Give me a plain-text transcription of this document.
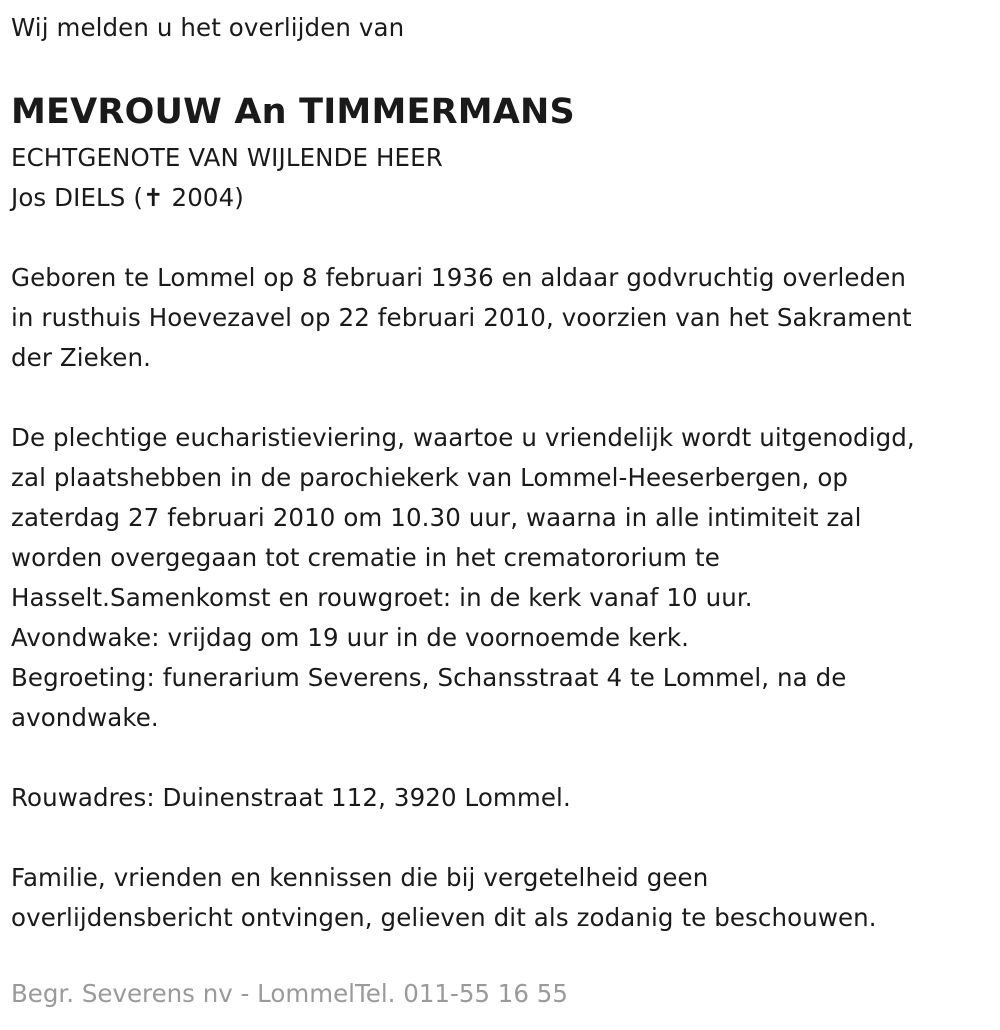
Wij melden u het overlijden van
MEVROUW An TIMMERMANS
ECHTGENOTE VAN WIJLENDE HEER
Jos DIELS (✝ 2004)
Geboren te Lommel op 8 februari 1936 en aldaar godvruchtig overleden
in rusthuis Hoevezavel op 22 februari 2010, voorzien van het Sakrament
der Zieken.
De plechtige eucharistieviering, waartoe u vriendelijk wordt uitgenodigd,
zal plaatshebben in de parochiekerk van Lommel-Heeserbergen, op
zaterdag 27 februari 2010 om 10.30 uur, waarna in alle intimiteit zal
worden overgegaan tot crematie in het crematororium te
Hasselt.Samenkomst en rouwgroet: in de kerk vanaf 10 uur.
Avondwake: vrijdag om 19 uur in de voornoemde kerk.
Begroeting: funerarium Severens, Schansstraat 4 te Lommel, na de
avondwake.
Rouwadres: Duinenstraat 112, 3920 Lommel.
Familie, vrienden en kennissen die bij vergetelheid geen
overlijdensbericht ontvingen, gelieven dit als zodanig te beschouwen.
Begr. Severens nv - LommelTel. 011-55 16 55
